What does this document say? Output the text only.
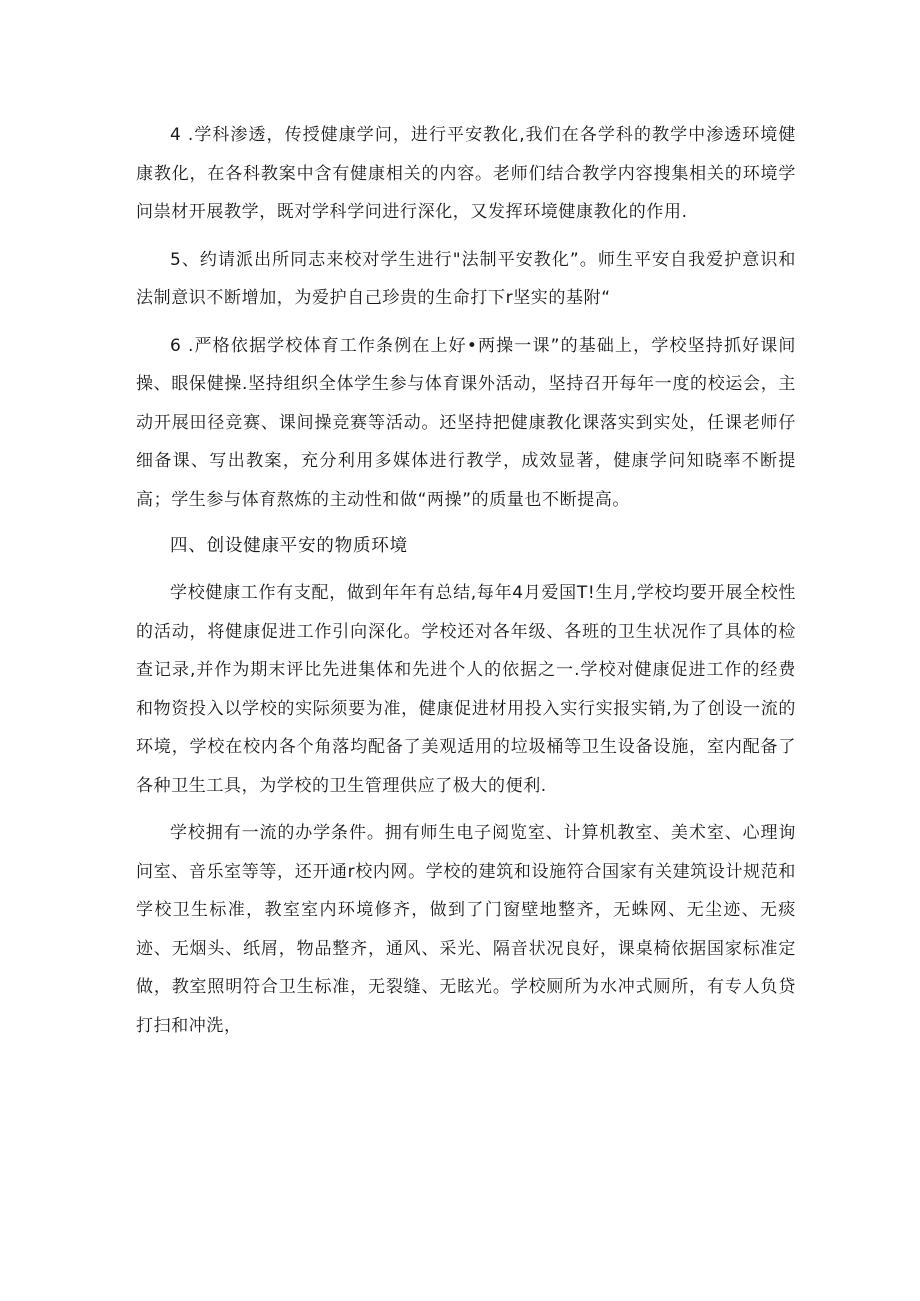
4 .学科渗透，传授健康学问，进行平安教化,我们在各学科的教学中渗透环境健康教化，在各科教案中含有健康相关的内容。老师们结合教学内容搜集相关的环境学问祟材开展教学，既对学科学问进行深化，又发挥环境健康教化的作用.

5、约请派出所同志来校对学生进行"法制平安教化”。师生平安自我爱护意识和法制意识不断增加，为爱护自己珍贵的生命打下r坚实的基附“

6 .严格依据学校体育工作条例在上好•两操一课”的基础上，学校坚持抓好课间操、眼保健操.坚持组织全体学生参与体育课外活动，坚持召开每年一度的校运会，主动开展田径竞赛、课间操竞赛等活动。还坚持把健康教化课落实到实处，任课老师仔细备课、写出教案，充分利用多媒体进行教学，成效显著，健康学问知晓率不断提高；学生参与体育熬炼的主动性和做“两操”的质量也不断提高。

四、创设健康平安的物质环境

学校健康工作有支配，做到年年有总结,每年4月爱国T!生月,学校均要开展全校性的活动，将健康促进工作引向深化。学校还对各年级、各班的卫生状况作了具体的检查记录,并作为期末评比先进集体和先进个人的依据之一.学校对健康促进工作的经费和物资投入以学校的实际须要为准，健康促进材用投入实行实报实销,为了创设一流的环境，学校在校内各个角落均配备了美观适用的垃圾桶等卫生设备设施，室内配备了各种卫生工具，为学校的卫生管理供应了极大的便利.

学校拥有一流的办学条件。拥有师生电子阅览室、计算机教室、美术室、心理询问室、音乐室等等，还开通r校内网。学校的建筑和设施符合国家有关建筑设计规范和学校卫生标准，教室室内环境修齐，做到了门窗壁地整齐，无蛛网、无尘迹、无痰迹、无烟头、纸屑，物品整齐，通风、采光、隔音状况良好，课桌椅依据国家标准定做，教室照明符合卫生标准，无裂缝、无眩光。学校厕所为水冲式厕所，有专人负贷打扫和冲洗，
